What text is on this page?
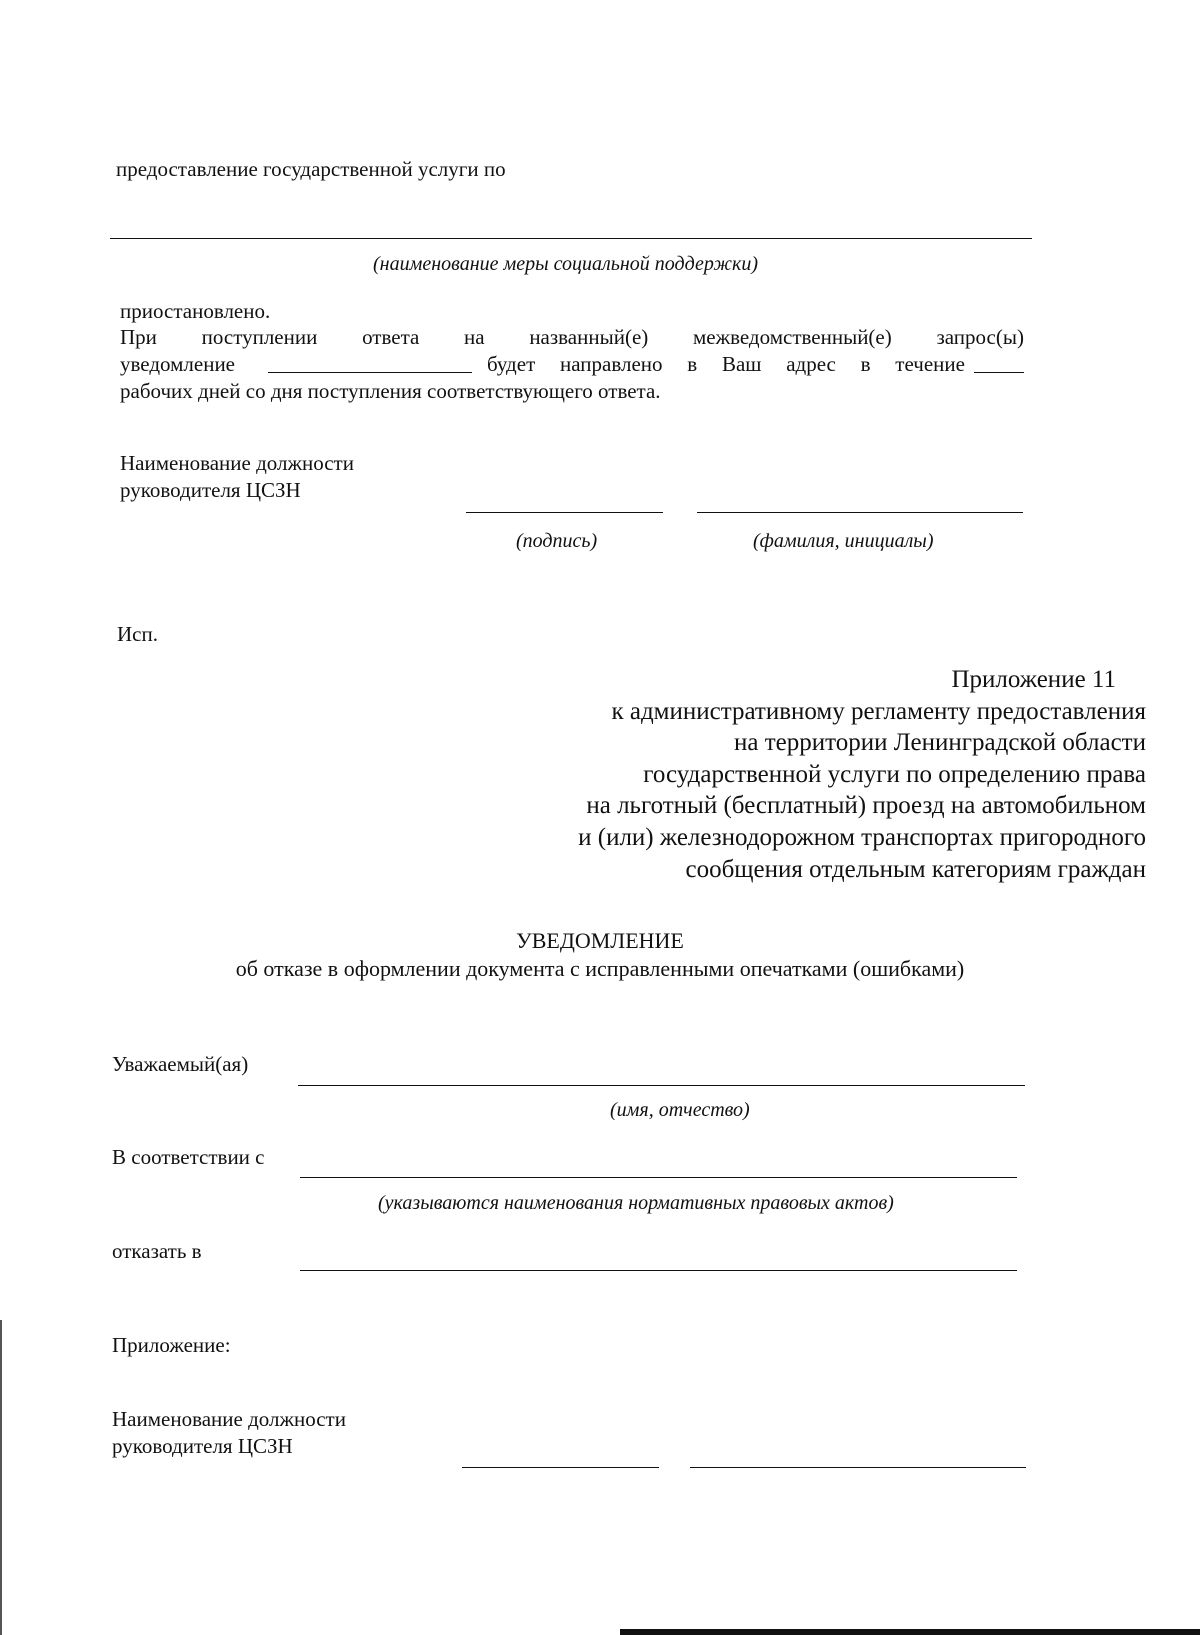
предоставление государственной услуги по
(наименование меры социальной поддержки)
приостановлено.
При поступлении ответа на названный(е) межведомственный(е) запрос(ы)
уведомление	будет направлено в Ваш адрес в течение
рабочих дней со дня поступления соответствующего ответа.
Наименование должности
руководителя ЦСЗН
(подпись)	(фамилия, инициалы)
Исп.
Приложение 11
к административному регламенту предоставления
на территории Ленинградской области
государственной услуги по определению права
на льготный (бесплатный) проезд на автомобильном
и (или) железнодорожном транспортах пригородного
сообщения отдельным категориям граждан
УВЕДОМЛЕНИЕ
об отказе в оформлении документа с исправленными опечатками (ошибками)
Уважаемый(ая)
(имя, отчество)
В соответствии с
(указываются наименования нормативных правовых актов)
отказать в
Приложение:
Наименование должности
руководителя ЦСЗН
